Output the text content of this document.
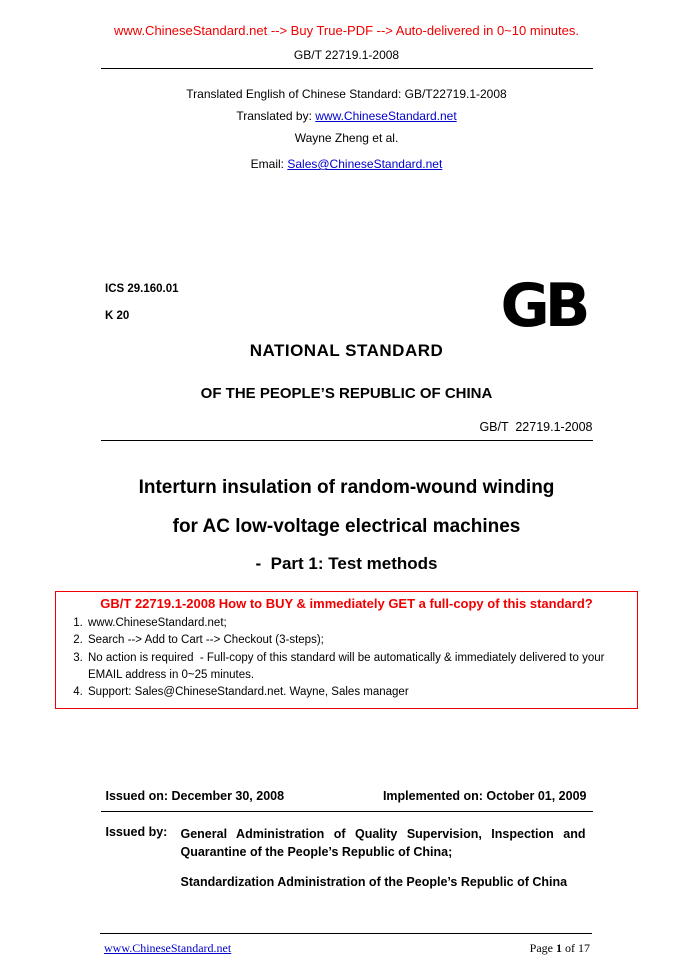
www.ChineseStandard.net --> Buy True-PDF --> Auto-delivered in 0~10 minutes.
GB/T 22719.1-2008
Translated English of Chinese Standard: GB/T22719.1-2008
Translated by: www.ChineseStandard.net
Wayne Zheng et al.
Email: Sales@ChineseStandard.net
ICS 29.160.01
K 20	GB
NATIONAL STANDARD
OF THE PEOPLE’S REPUBLIC OF CHINA
GB/T  22719.1-2008
Interturn insulation of random-wound winding
for AC low-voltage electrical machines
-  Part 1: Test methods
GB/T 22719.1-2008 How to BUY & immediately GET a full-copy of this standard?
1. www.ChineseStandard.net;
2. Search --> Add to Cart --> Checkout (3-steps);
3. No action is required  - Full-copy of this standard will be automatically & immediately delivered to your EMAIL address in 0~25 minutes.
4. Support: Sales@ChineseStandard.net. Wayne, Sales manager
Issued on: December 30, 2008	Implemented on: October 01, 2009
Issued by:	General Administration of Quality Supervision, Inspection and Quarantine of the People’s Republic of China;

Standardization Administration of the People’s Republic of China

www.ChineseStandard.net	Page 1 of 17
